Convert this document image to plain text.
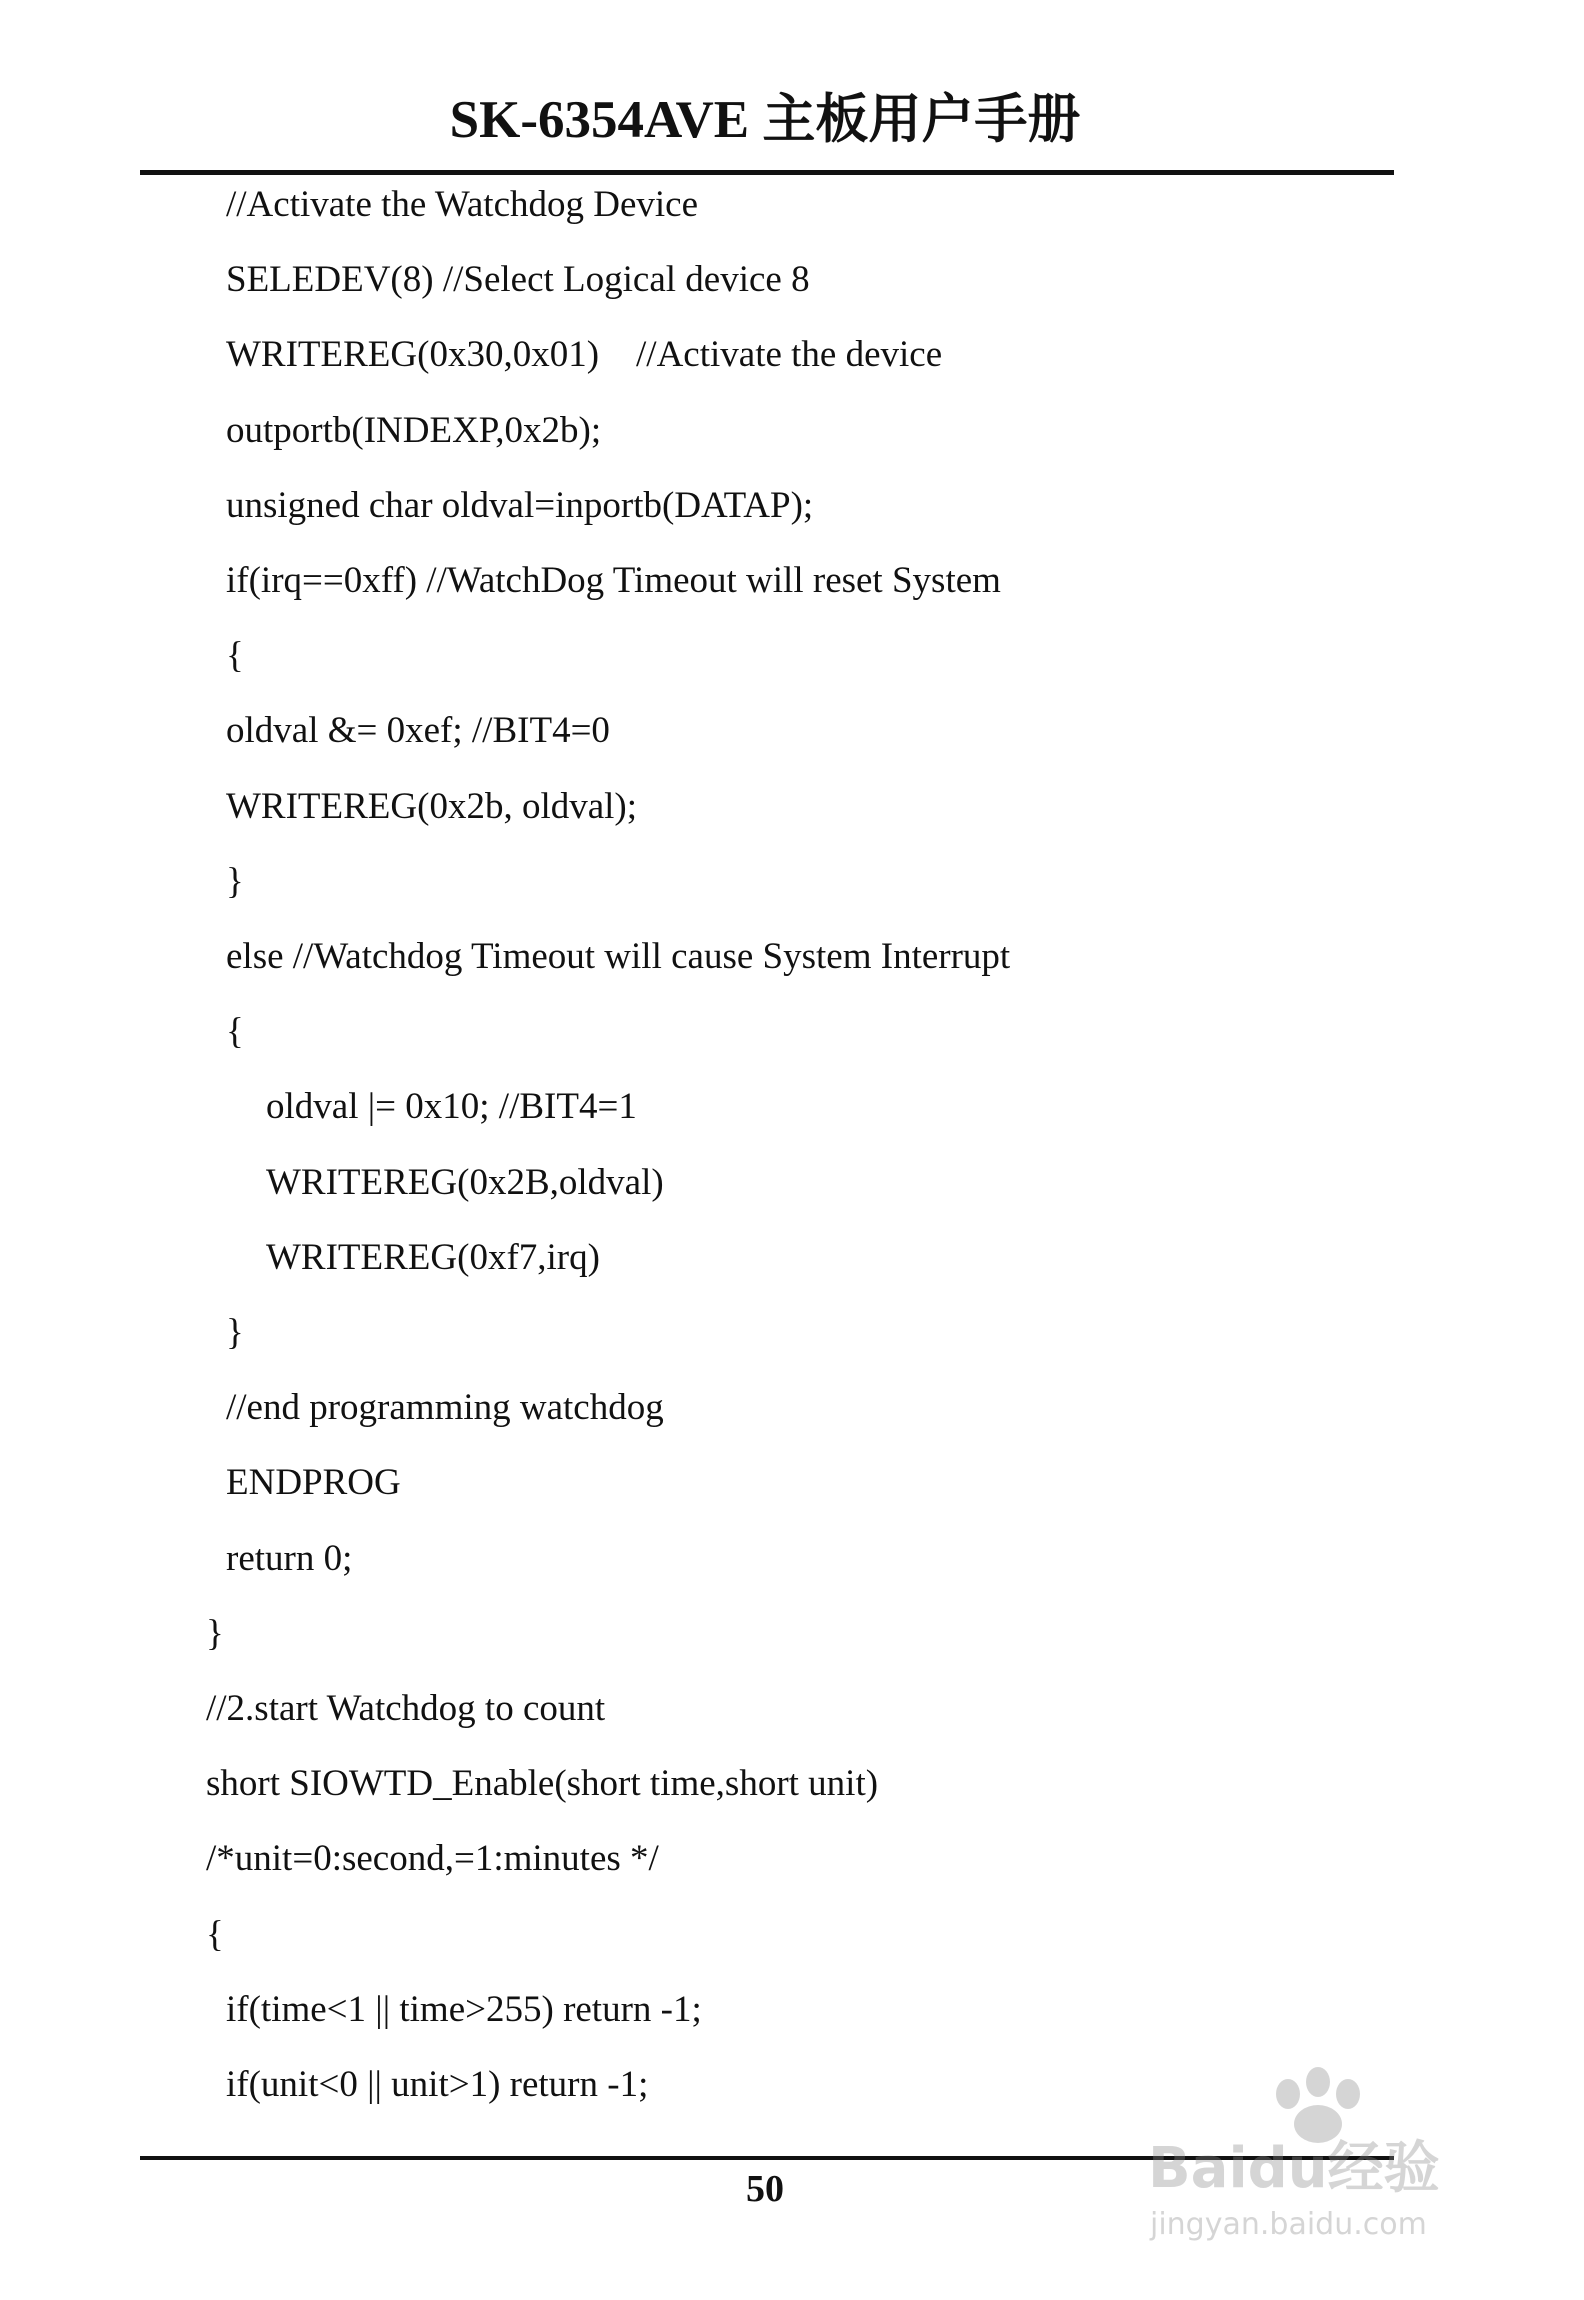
SK-6354AVE 主板用户手册
//Activate the Watchdog Device
SELEDEV(8) //Select Logical device 8
WRITEREG(0x30,0x01)    //Activate the device
outportb(INDEXP,0x2b);
unsigned char oldval=inportb(DATAP);
if(irq==0xff) //WatchDog Timeout will reset System
{
oldval &= 0xef; //BIT4=0
WRITEREG(0x2b, oldval);
}
else //Watchdog Timeout will cause System Interrupt
{
oldval |= 0x10; //BIT4=1
WRITEREG(0x2B,oldval)
WRITEREG(0xf7,irq)
}
//end programming watchdog
ENDPROG
return 0;
}
//2.start Watchdog to count
short SIOWTD_Enable(short time,short unit)
/*unit=0:second,=1:minutes */
{
if(time<1 || time>255) return -1;
if(unit<0 || unit>1) return -1;
50	Baidu经验
jingyan.baidu.com
